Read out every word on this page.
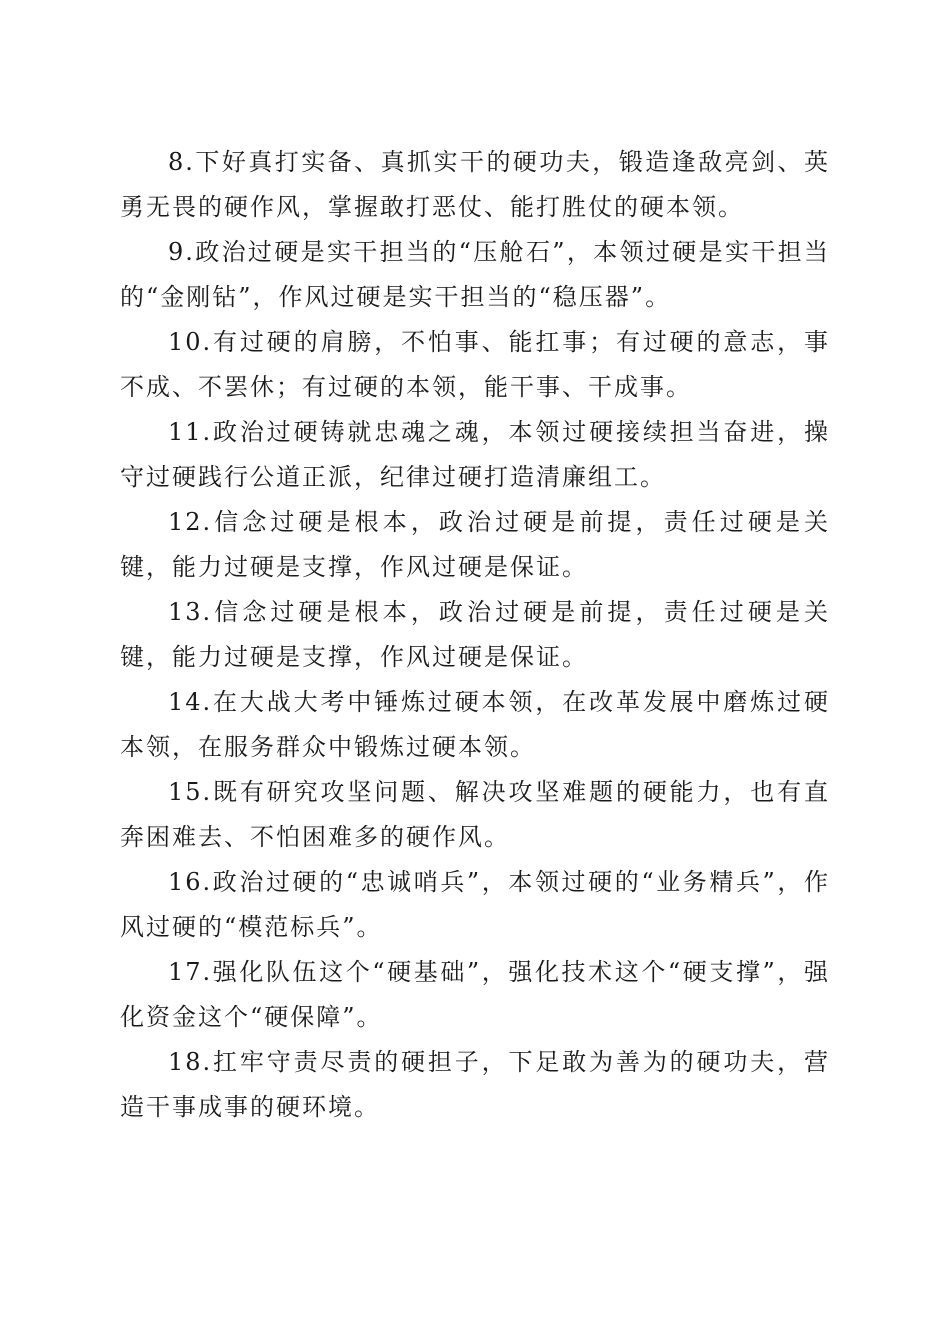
8.下好真打实备、真抓实干的硬功夫，锻造逢敌亮剑、英勇无畏的硬作风，掌握敢打恶仗、能打胜仗的硬本领。

9.政治过硬是实干担当的“压舱石”，本领过硬是实干担当的“金刚钻”，作风过硬是实干担当的“稳压器”。

10.有过硬的肩膀，不怕事、能扛事；有过硬的意志，事不成、不罢休；有过硬的本领，能干事、干成事。

11.政治过硬铸就忠魂之魂，本领过硬接续担当奋进，操守过硬践行公道正派，纪律过硬打造清廉组工。

12.信念过硬是根本，政治过硬是前提，责任过硬是关键，能力过硬是支撑，作风过硬是保证。

13.信念过硬是根本，政治过硬是前提，责任过硬是关键，能力过硬是支撑，作风过硬是保证。

14.在大战大考中锤炼过硬本领，在改革发展中磨炼过硬本领，在服务群众中锻炼过硬本领。

15.既有研究攻坚问题、解决攻坚难题的硬能力，也有直奔困难去、不怕困难多的硬作风。

16.政治过硬的“忠诚哨兵”，本领过硬的“业务精兵”，作风过硬的“模范标兵”。

17.强化队伍这个“硬基础”，强化技术这个“硬支撑”，强化资金这个“硬保障”。

18.扛牢守责尽责的硬担子，下足敢为善为的硬功夫，营造干事成事的硬环境。
